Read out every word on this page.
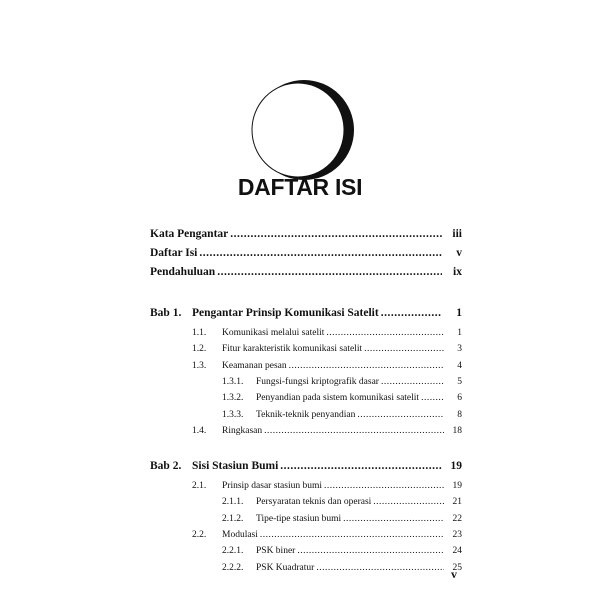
DAFTAR ISI
Kata Pengantar .....	iii
Daftar Isi .....	v
Pendahuluan .....	ix
Bab 1. Pengantar Prinsip Komunikasi Satelit .....	1
1.1.	Komunikasi melalui satelit .....	1
1.2.	Fitur karakteristik komunikasi satelit .....	3
1.3.	Keamanan pesan .....	4
1.3.1.	Fungsi-fungsi kriptografik dasar .....	5
1.3.2.	Penyandian pada sistem komunikasi satelit .....	6
1.3.3.	Teknik-teknik penyandian .....	8
1.4.	Ringkasan .....	18
Bab 2. Sisi Stasiun Bumi .....	19
2.1.	Prinsip dasar stasiun bumi .....	19
2.1.1.	Persyaratan teknis dan operasi .....	21
2.1.2.	Tipe-tipe stasiun bumi .....	22
2.2.	Modulasi .....	23
2.2.1.	PSK biner .....	24
2.2.2.	PSK Kuadratur .....	25
v
